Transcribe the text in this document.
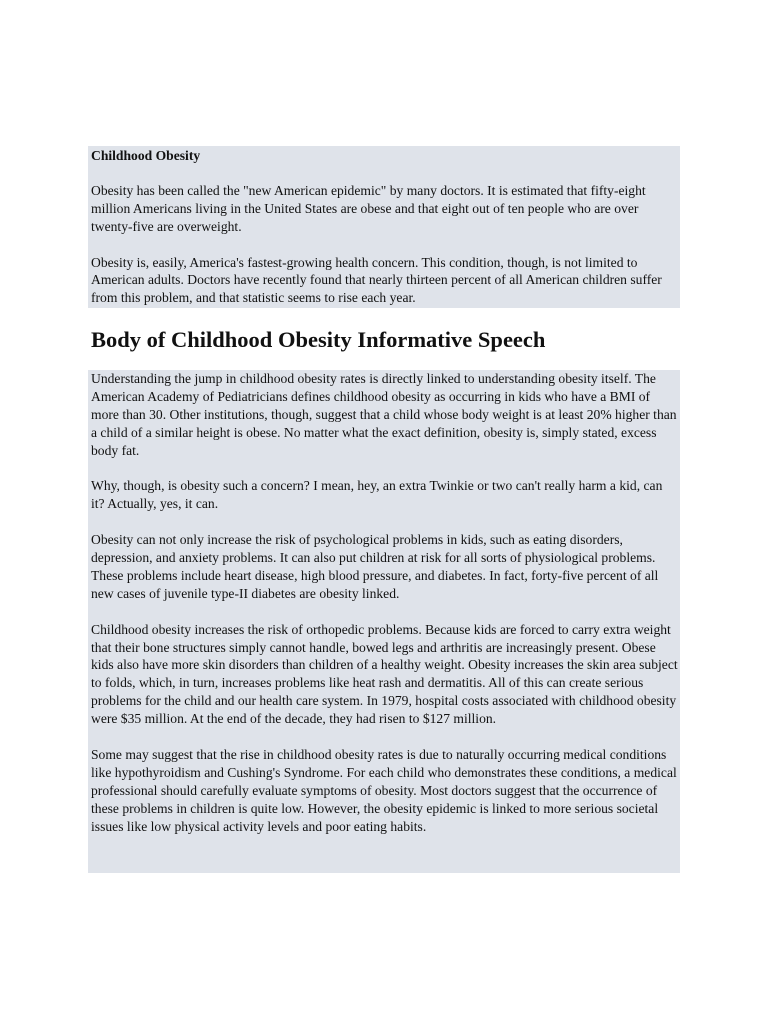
Childhood Obesity

Obesity has been called the "new American epidemic" by many doctors. It is estimated that fifty-eight million Americans living in the United States are obese and that eight out of ten people who are over twenty-five are overweight.

Obesity is, easily, America's fastest-growing health concern. This condition, though, is not limited to American adults. Doctors have recently found that nearly thirteen percent of all American children suffer from this problem, and that statistic seems to rise each year.

Body of Childhood Obesity Informative Speech

Understanding the jump in childhood obesity rates is directly linked to understanding obesity itself. The American Academy of Pediatricians defines childhood obesity as occurring in kids who have a BMI of more than 30. Other institutions, though, suggest that a child whose body weight is at least 20% higher than a child of a similar height is obese. No matter what the exact definition, obesity is, simply stated, excess body fat.

Why, though, is obesity such a concern? I mean, hey, an extra Twinkie or two can't really harm a kid, can it? Actually, yes, it can.

Obesity can not only increase the risk of psychological problems in kids, such as eating disorders, depression, and anxiety problems. It can also put children at risk for all sorts of physiological problems. These problems include heart disease, high blood pressure, and diabetes. In fact, forty-five percent of all new cases of juvenile type-II diabetes are obesity linked.

Childhood obesity increases the risk of orthopedic problems. Because kids are forced to carry extra weight that their bone structures simply cannot handle, bowed legs and arthritis are increasingly present. Obese kids also have more skin disorders than children of a healthy weight. Obesity increases the skin area subject to folds, which, in turn, increases problems like heat rash and dermatitis. All of this can create serious problems for the child and our health care system. In 1979, hospital costs associated with childhood obesity were $35 million. At the end of the decade, they had risen to $127 million.

Some may suggest that the rise in childhood obesity rates is due to naturally occurring medical conditions like hypothyroidism and Cushing's Syndrome. For each child who demonstrates these conditions, a medical professional should carefully evaluate symptoms of obesity. Most doctors suggest that the occurrence of these problems in children is quite low. However, the obesity epidemic is linked to more serious societal issues like low physical activity levels and poor eating habits.
